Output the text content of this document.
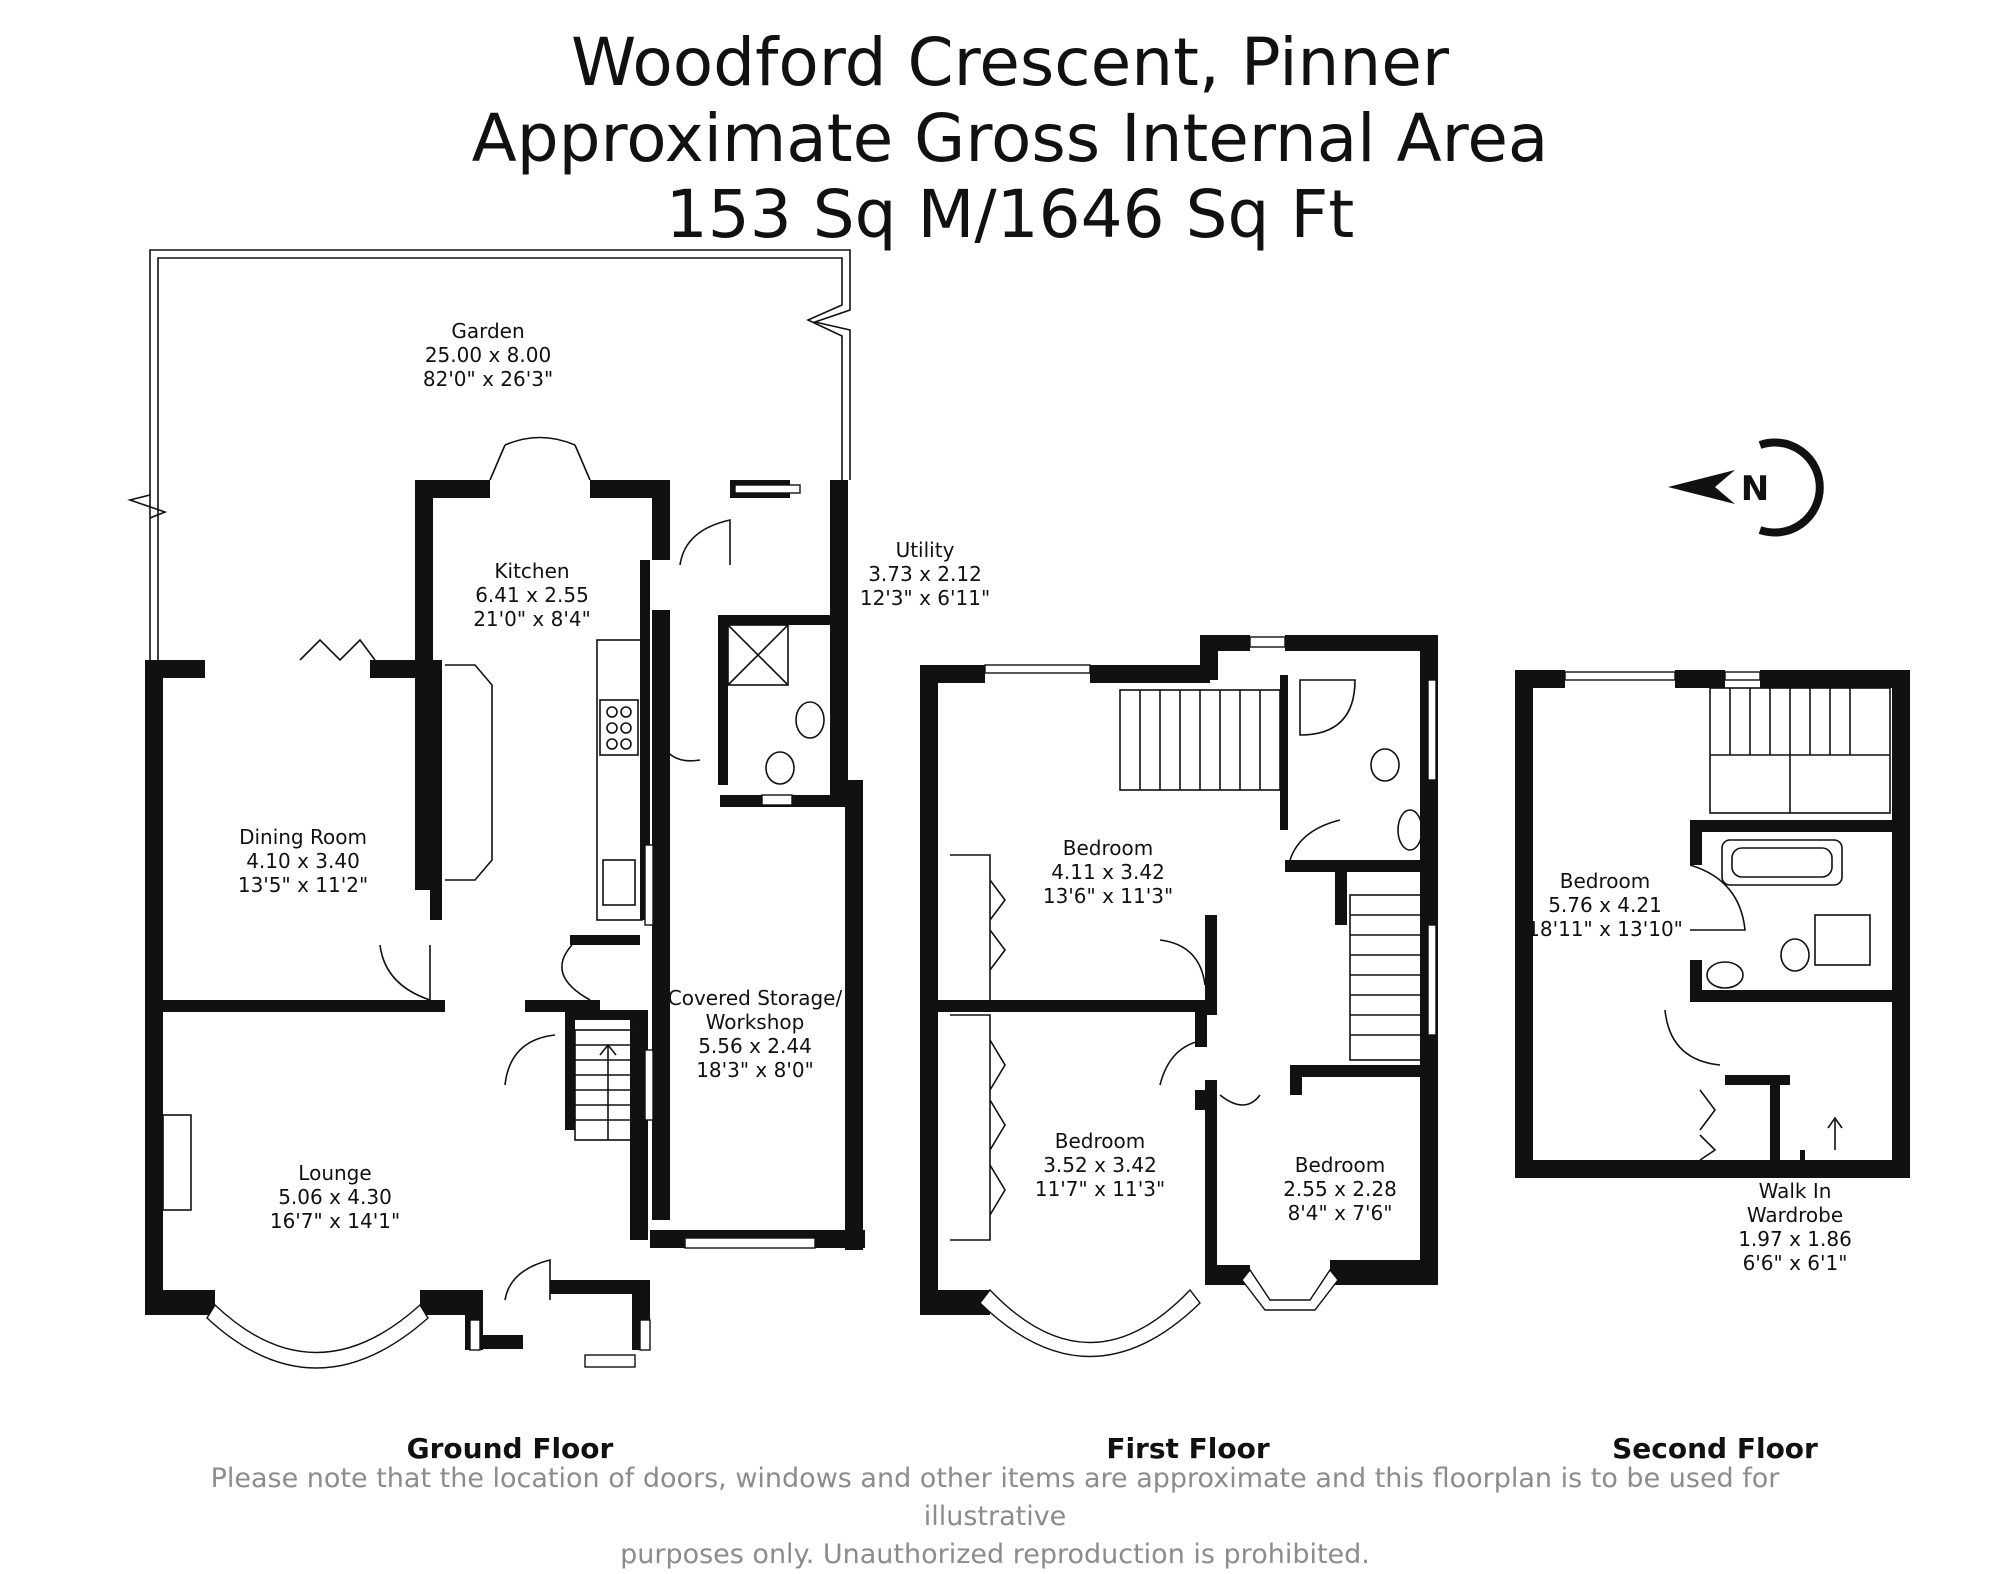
Woodford Crescent, Pinner
Approximate Gross Internal Area
153 Sq M/1646 Sq Ft
Garden
25.00 x 8.00
82'0" x 26'3"
Kitchen
6.41 x 2.55
21'0" x 8'4"
Utility
3.73 x 2.12
12'3" x 6'11"
Dining Room
4.10 x 3.40
13'5" x 11'2"
Covered Storage/
Workshop
5.56 x 2.44
18'3" x 8'0"
Lounge
5.06 x 4.30
16'7" x 14'1"
Bedroom
4.11 x 3.42
13'6" x 11'3"
Bedroom
3.52 x 3.42
11'7" x 11'3"
Bedroom
2.55 x 2.28
8'4" x 7'6"
Bedroom
5.76 x 4.21
18'11" x 13'10"
Walk In
Wardrobe
1.97 x 1.86
6'6" x 6'1"
N
Ground Floor	First Floor	Second Floor
Please note that the location of doors, windows and other items are approximate and this floorplan is to be used for illustrative
purposes only. Unauthorized reproduction is prohibited.
